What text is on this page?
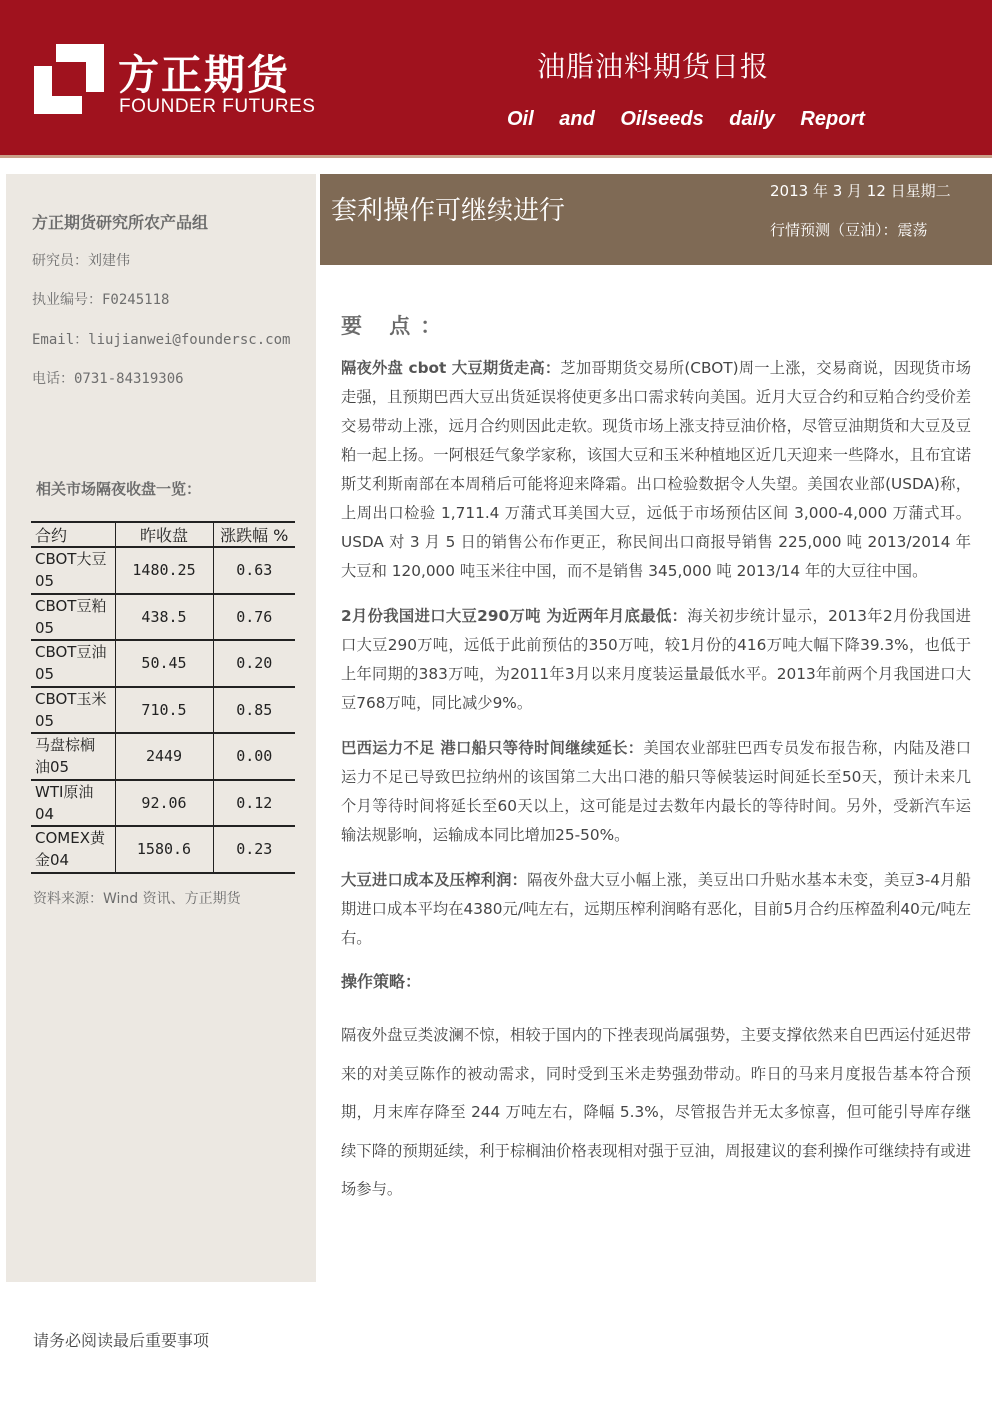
方正期货
FOUNDER FUTURES
油脂油料期货日报
Oil and Oilseeds daily Report
套利操作可继续进行
2013 年 3 月 12 日星期二
行情预测（豆油）：震荡
方正期货研究所农产品组
研究员：刘建伟
执业编号：F0245118
Email：liujianwei@foundersc.com
电话：0731-84319306
相关市场隔夜收盘一览：
合约	昨收盘	涨跌幅 %
CBOT大豆
05	1480.25	0.63
CBOT豆粕
05	438.5	0.76
CBOT豆油
05	50.45	0.20
CBOT玉米
05	710.5	0.85
马盘棕榈
油05	2449	0.00
WTI原油
04	92.06	0.12
COMEX黄
金04	1580.6	0.23
资料来源：Wind 资讯、方正期货
要 点：

隔夜外盘 cbot 大豆期货走高：芝加哥期货交易所(CBOT)周一上涨，交易商说，因现货市场走强，且预期巴西大豆出货延误将使更多出口需求转向美国。近月大豆合约和豆粕合约受价差交易带动上涨，远月合约则因此走软。现货市场上涨支持豆油价格，尽管豆油期货和大豆及豆粕一起上扬。一阿根廷气象学家称，该国大豆和玉米种植地区近几天迎来一些降水，且布宜诺斯艾利斯南部在本周稍后可能将迎来降霜。出口检验数据令人失望。美国农业部(USDA)称，上周出口检验 1,711.4 万蒲式耳美国大豆，远低于市场预估区间 3,000-4,000 万蒲式耳。USDA 对 3 月 5 日的销售公布作更正，称民间出口商报导销售 225,000 吨 2013/2014 年大豆和 120,000 吨玉米往中国，而不是销售 345,000 吨 2013/14 年的大豆往中国。

2月份我国进口大豆290万吨 为近两年月底最低：海关初步统计显示，2013年2月份我国进口大豆290万吨，远低于此前预估的350万吨，较1月份的416万吨大幅下降39.3%，也低于上年同期的383万吨，为2011年3月以来月度装运量最低水平。2013年前两个月我国进口大豆768万吨，同比减少9%。

巴西运力不足 港口船只等待时间继续延长：美国农业部驻巴西专员发布报告称，内陆及港口运力不足已导致巴拉纳州的该国第二大出口港的船只等候装运时间延长至50天，预计未来几个月等待时间将延长至60天以上，这可能是过去数年内最长的等待时间。另外，受新汽车运输法规影响，运输成本同比增加25-50%。

大豆进口成本及压榨利润：隔夜外盘大豆小幅上涨，美豆出口升贴水基本未变，美豆3-4月船期进口成本平均在4380元/吨左右，远期压榨利润略有恶化，目前5月合约压榨盈利40元/吨左右。

操作策略：

隔夜外盘豆类波澜不惊，相较于国内的下挫表现尚属强势，主要支撑依然来自巴西运付延迟带来的对美豆陈作的被动需求，同时受到玉米走势强劲带动。昨日的马来月度报告基本符合预期，月末库存降至 244 万吨左右，降幅 5.3%，尽管报告并无太多惊喜，但可能引导库存继续下降的预期延续，利于棕榈油价格表现相对强于豆油，周报建议的套利操作可继续持有或进场参与。

请务必阅读最后重要事项
